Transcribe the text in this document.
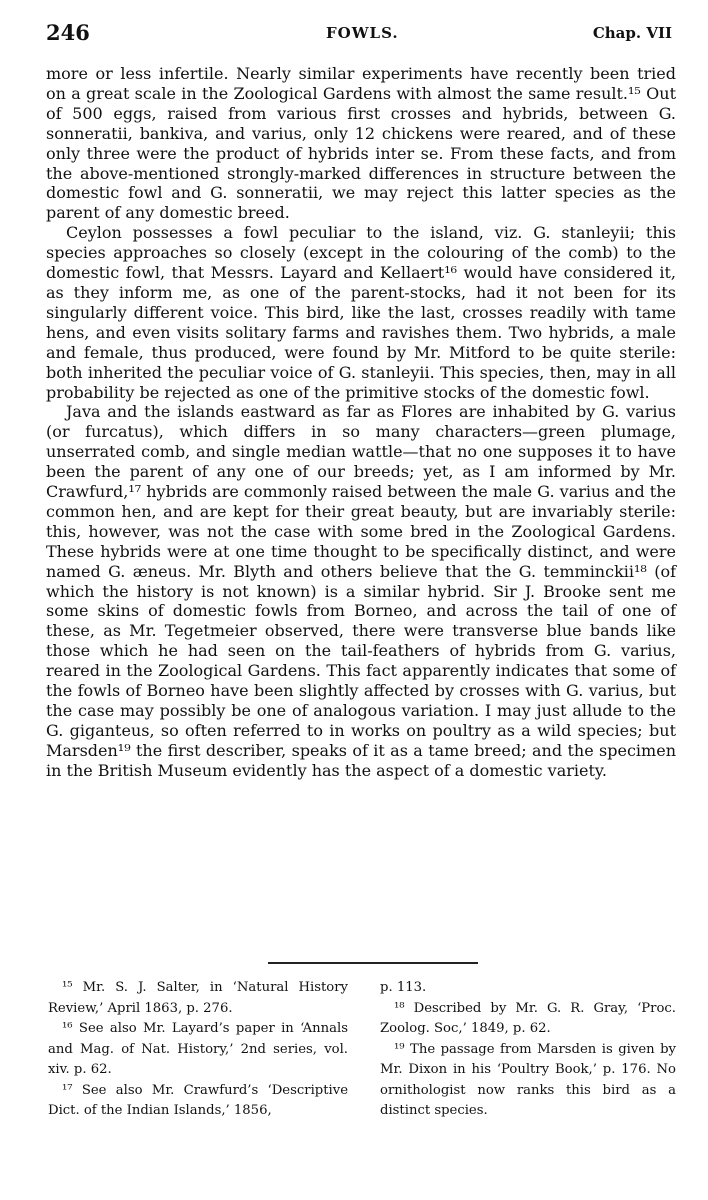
246	FOWLS.	Chap. VII

more or less infertile. Nearly similar experiments have recently been tried on a great scale in the Zoological Gardens with almost the same result.¹⁵ Out of 500 eggs, raised from various first crosses and hybrids, between G. sonneratii, bankiva, and varius, only 12 chickens were reared, and of these only three were the product of hybrids inter se. From these facts, and from the above-mentioned strongly-marked differences in structure between the domestic fowl and G. sonneratii, we may reject this latter species as the parent of any domestic breed.

Ceylon possesses a fowl peculiar to the island, viz. G. stanleyii; this species approaches so closely (except in the colouring of the comb) to the domestic fowl, that Messrs. Layard and Kellaert¹⁶ would have considered it, as they inform me, as one of the parent-stocks, had it not been for its singularly different voice. This bird, like the last, crosses readily with tame hens, and even visits solitary farms and ravishes them. Two hybrids, a male and female, thus produced, were found by Mr. Mitford to be quite sterile: both inherited the peculiar voice of G. stanleyii. This species, then, may in all probability be rejected as one of the primitive stocks of the domestic fowl.

Java and the islands eastward as far as Flores are inhabited by G. varius (or furcatus), which differs in so many characters—green plumage, unserrated comb, and single median wattle—that no one supposes it to have been the parent of any one of our breeds; yet, as I am informed by Mr. Crawfurd,¹⁷ hybrids are commonly raised between the male G. varius and the common hen, and are kept for their great beauty, but are invariably sterile: this, however, was not the case with some bred in the Zoological Gardens. These hybrids were at one time thought to be specifically distinct, and were named G. æneus. Mr. Blyth and others believe that the G. temminckii¹⁸ (of which the history is not known) is a similar hybrid. Sir J. Brooke sent me some skins of domestic fowls from Borneo, and across the tail of one of these, as Mr. Tegetmeier observed, there were transverse blue bands like those which he had seen on the tail-feathers of hybrids from G. varius, reared in the Zoological Gardens. This fact apparently indicates that some of the fowls of Borneo have been slightly affected by crosses with G. varius, but the case may possibly be one of analogous variation. I may just allude to the G. giganteus, so often referred to in works on poultry as a wild species; but Marsden¹⁹ the first describer, speaks of it as a tame breed; and the specimen in the British Museum evidently has the aspect of a domestic variety.

¹⁵ Mr. S. J. Salter, in ‘Natural History Review,’ April 1863, p. 276.

¹⁶ See also Mr. Layard’s paper in ‘Annals and Mag. of Nat. History,’ 2nd series, vol. xiv. p. 62.

¹⁷ See also Mr. Crawfurd’s ‘Descriptive Dict. of the Indian Islands,’ 1856,

p. 113.

¹⁸ Described by Mr. G. R. Gray, ‘Proc. Zoolog. Soc,’ 1849, p. 62.

¹⁹ The passage from Marsden is given by Mr. Dixon in his ‘Poultry Book,’ p. 176. No ornithologist now ranks this bird as a distinct species.
